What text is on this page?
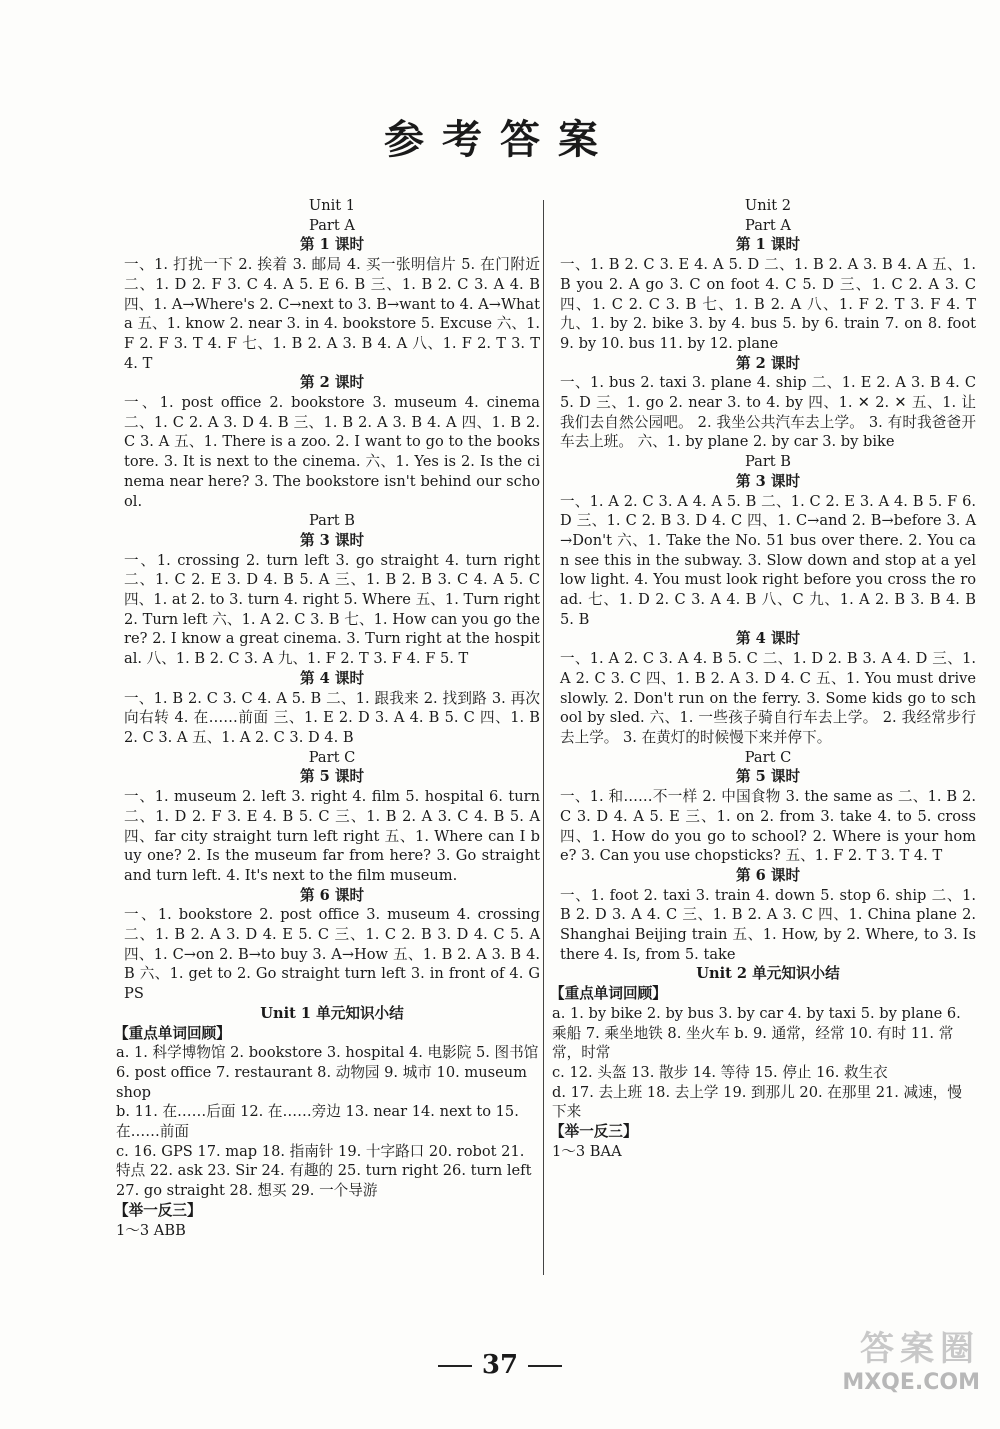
参考答案
Unit 1
Part A
第 1 课时
一、1. 打扰一下 2. 挨着 3. 邮局 4. 买一张明信片 5. 在门附近 二、1. D 2. F 3. C 4. A 5. E 6. B 三、1. B 2. C 3. A 4. B 四、1. A→Where's 2. C→next to 3. B→want to 4. A→What a 五、1. know 2. near 3. in 4. bookstore 5. Excuse 六、1. F 2. F 3. T 4. F 七、1. B 2. A 3. B 4. A 八、1. F 2. T 3. T 4. T
第 2 课时
一、1. post office 2. bookstore 3. museum 4. cinema 二、1. C 2. A 3. D 4. B 三、1. B 2. A 3. B 4. A 四、1. B 2. C 3. A 五、1. There is a zoo. 2. I want to go to the bookstore. 3. It is next to the cinema. 六、1. Yes is 2. Is the cinema near here? 3. The bookstore isn't behind our school.
Part B
第 3 课时
一、1. crossing 2. turn left 3. go straight 4. turn right 二、1. C 2. E 3. D 4. B 5. A 三、1. B 2. B 3. C 4. A 5. C 四、1. at 2. to 3. turn 4. right 5. Where 五、1. Turn right 2. Turn left 六、1. A 2. C 3. B 七、1. How can you go there? 2. I know a great cinema. 3. Turn right at the hospital. 八、1. B 2. C 3. A 九、1. F 2. T 3. F 4. F 5. T
第 4 课时
一、1. B 2. C 3. C 4. A 5. B 二、1. 跟我来 2. 找到路 3. 再次向右转 4. 在……前面 三、1. E 2. D 3. A 4. B 5. C 四、1. B 2. C 3. A 五、1. A 2. C 3. D 4. B
Part C
第 5 课时
一、1. museum 2. left 3. right 4. film 5. hospital 6. turn 二、1. D 2. F 3. E 4. B 5. C 三、1. B 2. A 3. C 4. B 5. A 四、far city straight turn left right 五、1. Where can I buy one? 2. Is the museum far from here? 3. Go straight and turn left. 4. It's next to the film museum.
第 6 课时
一、1. bookstore 2. post office 3. museum 4. crossing 二、1. B 2. A 3. D 4. E 5. C 三、1. C 2. B 3. D 4. C 5. A 四、1. C→on 2. B→to buy 3. A→How 五、1. B 2. A 3. B 4. B 六、1. get to 2. Go straight turn left 3. in front of 4. GPS
Unit 1 单元知识小结
【重点单词回顾】
a. 1. 科学博物馆 2. bookstore 3. hospital 4. 电影院 5. 图书馆 6. post office 7. restaurant 8. 动物园 9. 城市 10. museum shop
b. 11. 在……后面 12. 在……旁边 13. near 14. next to 15. 在……前面
c. 16. GPS 17. map 18. 指南针 19. 十字路口 20. robot 21. 特点 22. ask 23. Sir 24. 有趣的 25. turn right 26. turn left 27. go straight 28. 想买 29. 一个导游
【举一反三】
1～3 ABB
Unit 2
Part A
第 1 课时
一、1. B 2. C 3. E 4. A 5. D 二、1. B 2. A 3. B 4. A 五、1. B you 2. A go 3. C on foot 4. C 5. D 三、1. C 2. A 3. C 四、1. C 2. C 3. B 七、1. B 2. A 八、1. F 2. T 3. F 4. T 九、1. by 2. bike 3. by 4. bus 5. by 6. train 7. on 8. foot 9. by 10. bus 11. by 12. plane
第 2 课时
一、1. bus 2. taxi 3. plane 4. ship 二、1. E 2. A 3. B 4. C 5. D 三、1. go 2. near 3. to 4. by 四、1. ✕ 2. ✕ 五、1. 让我们去自然公园吧。 2. 我坐公共汽车去上学。 3. 有时我爸爸开车去上班。 六、1. by plane 2. by car 3. by bike
Part B
第 3 课时
一、1. A 2. C 3. A 4. A 5. B 二、1. C 2. E 3. A 4. B 5. F 6. D 三、1. C 2. B 3. D 4. C 四、1. C→and 2. B→before 3. A→Don't 六、1. Take the No. 51 bus over there. 2. You can see this in the subway. 3. Slow down and stop at a yellow light. 4. You must look right before you cross the road. 七、1. D 2. C 3. A 4. B 八、C 九、1. A 2. B 3. B 4. B 5. B
第 4 课时
一、1. A 2. C 3. A 4. B 5. C 二、1. D 2. B 3. A 4. D 三、1. A 2. C 3. C 四、1. B 2. A 3. D 4. C 五、1. You must drive slowly. 2. Don't run on the ferry. 3. Some kids go to school by sled. 六、1. 一些孩子骑自行车去上学。 2. 我经常步行去上学。 3. 在黄灯的时候慢下来并停下。
Part C
第 5 课时
一、1. 和……不一样 2. 中国食物 3. the same as 二、1. B 2. C 3. D 4. A 5. E 三、1. on 2. from 3. take 4. to 5. cross 四、1. How do you go to school? 2. Where is your home? 3. Can you use chopsticks? 五、1. F 2. T 3. T 4. T
第 6 课时
一、1. foot 2. taxi 3. train 4. down 5. stop 6. ship 二、1. B 2. D 3. A 4. C 三、1. B 2. A 3. C 四、1. China plane 2. Shanghai Beijing train 五、1. How, by 2. Where, to 3. Is there 4. Is, from 5. take
Unit 2 单元知识小结
【重点单词回顾】
a. 1. by bike 2. by bus 3. by car 4. by taxi 5. by plane 6. 乘船 7. 乘坐地铁 8. 坐火车 b. 9. 通常，经常 10. 有时 11. 常常，时常
c. 12. 头盔 13. 散步 14. 等待 15. 停止 16. 救生衣
d. 17. 去上班 18. 去上学 19. 到那儿 20. 在那里 21. 减速，慢下来
【举一反三】
1～3 BAA
37	答案圈
MXQE.COM
